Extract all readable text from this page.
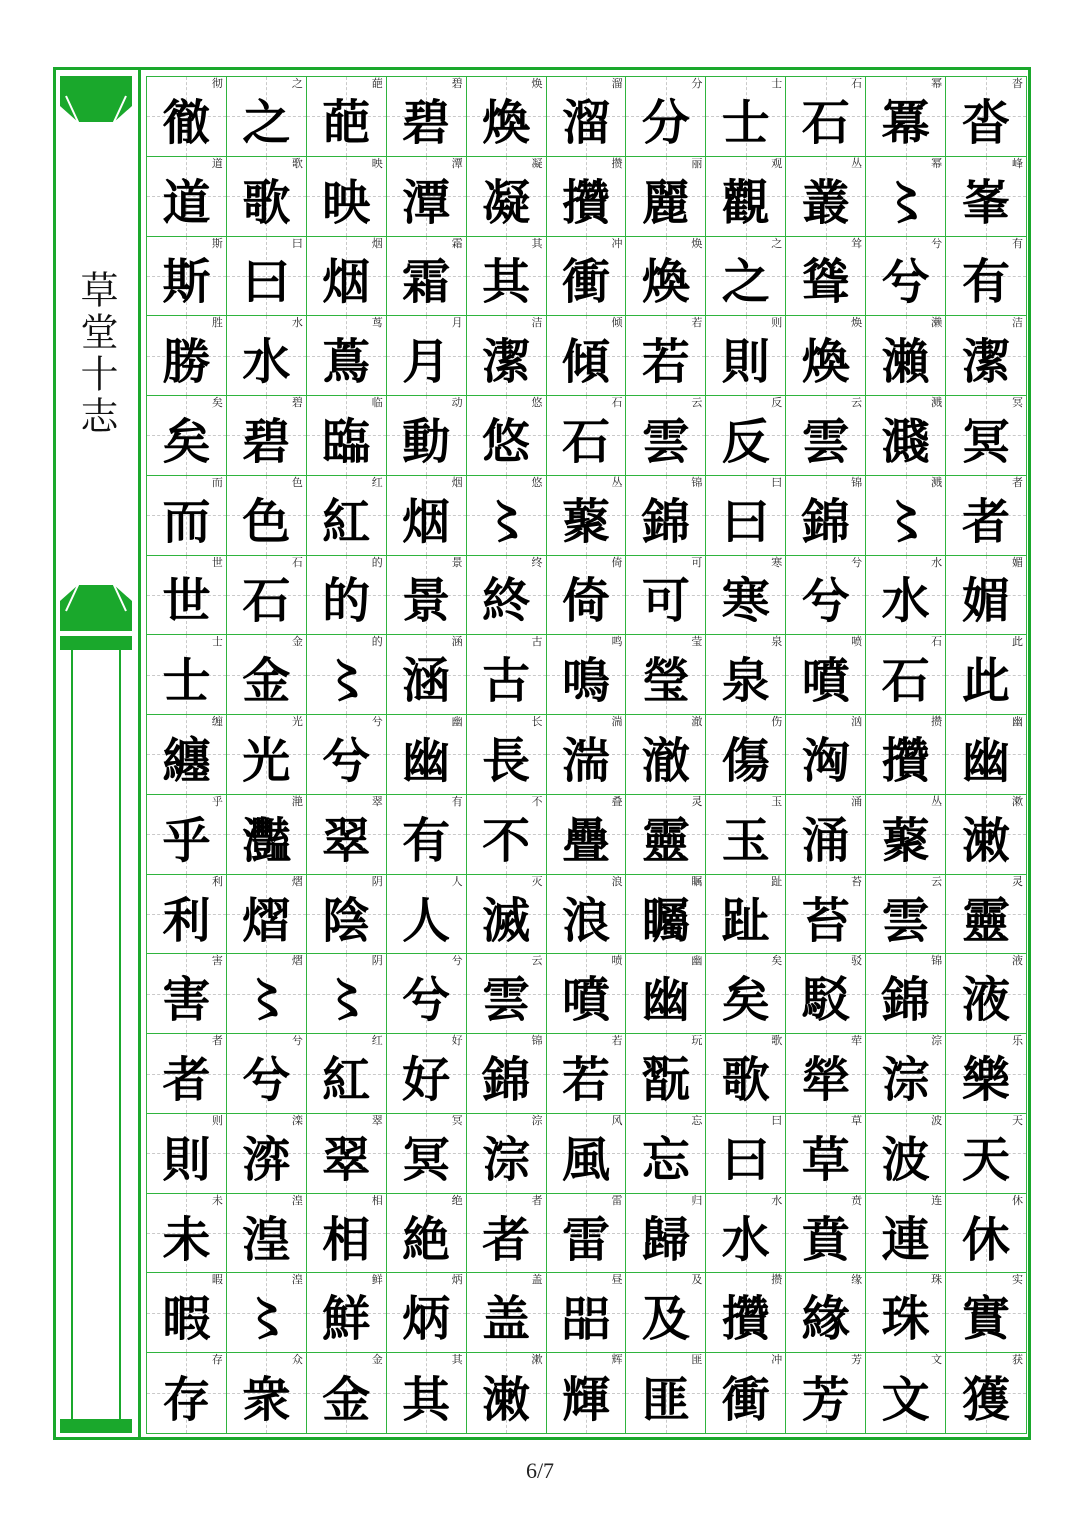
草堂十志
徹
彻
之
之
葩
葩
碧
碧
煥
焕
溜
溜
分
分
士
士
石
石
冪
幂
沓
沓
道
道
歌
歌
映
映
潭
潭
凝
凝
攢
攒
麗
丽
觀
观
叢
丛
〻
幂
峯
峰
斯
斯
曰
曰
烟
烟
霜
霜
其
其
衝
冲
煥
焕
之
之
聳
耸
兮
兮
有
有
勝
胜
水
水
蔦
茑
月
月
潔
洁
傾
倾
若
若
則
则
煥
焕
瀨
濑
潔
洁
矣
矣
碧
碧
臨
临
動
动
悠
悠
石
石
雲
云
反
反
雲
云
濺
溅
冥
冥
而
而
色
色
紅
红
烟
烟
〻
悠
藂
丛
錦
锦
曰
曰
錦
锦
〻
溅
者
者
世
世
石
石
的
的
景
景
終
终
倚
倚
可
可
寒
寒
兮
兮
水
水
媚
媚
士
士
金
金
〻
的
涵
涵
古
古
鳴
鸣
瑩
莹
泉
泉
噴
喷
石
石
此
此
纏
缠
光
光
兮
兮
幽
幽
長
长
湍
湍
澈
澈
傷
伤
洶
汹
攢
攒
幽
幽
乎
乎
灩
滟
翠
翠
有
有
不
不
疊
叠
靈
灵
玉
玉
涌
涌
藂
丛
潄
漱
利
利
熠
熠
陰
阴
人
人
滅
灭
浪
浪
矚
瞩
趾
趾
苔
苔
雲
云
靈
灵
害
害
〻
熠
〻
阴
兮
兮
雲
云
噴
喷
幽
幽
矣
矣
駁
驳
錦
锦
液
液
者
者
兮
兮
紅
红
好
好
錦
锦
若
若
翫
玩
歌
歌
犖
荦
淙
淙
樂
乐
則
则
㴒
滦
翠
翠
冥
冥
淙
淙
風
风
忘
忘
曰
曰
草
草
波
波
天
天
未
未
湟
湟
相
相
絶
绝
者
者
雷
雷
歸
归
水
水
賁
贲
連
连
休
休
暇
暇
〻
湟
鮮
鲜
炳
炳
盖
盖
㗊
昼
及
及
攢
攒
緣
缘
珠
珠
實
实
存
存
衆
众
金
金
其
其
潄
漱
輝
辉
匪
匪
衝
冲
芳
芳
文
文
獲
获
6/7
